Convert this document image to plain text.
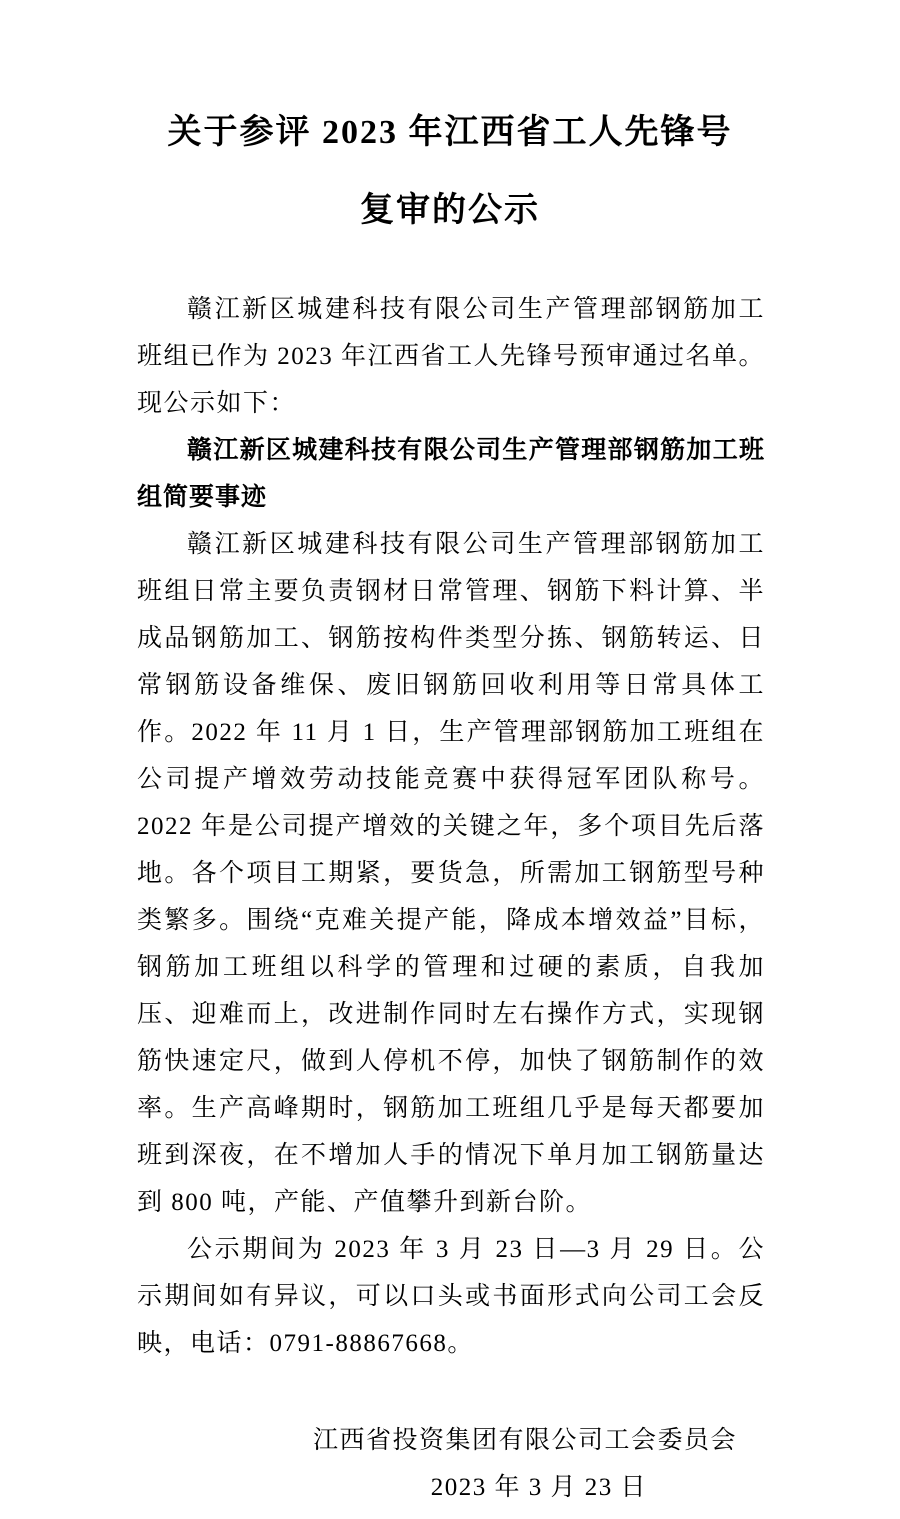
关于参评 2023 年江西省工人先锋号
复审的公示

赣江新区城建科技有限公司生产管理部钢筋加工班组已作为 2023 年江西省工人先锋号预审通过名单。现公示如下：

赣江新区城建科技有限公司生产管理部钢筋加工班组简要事迹

赣江新区城建科技有限公司生产管理部钢筋加工班组日常主要负责钢材日常管理、钢筋下料计算、半成品钢筋加工、钢筋按构件类型分拣、钢筋转运、日常钢筋设备维保、废旧钢筋回收利用等日常具体工作。2022 年 11 月 1 日，生产管理部钢筋加工班组在公司提产增效劳动技能竞赛中获得冠军团队称号。2022 年是公司提产增效的关键之年，多个项目先后落地。各个项目工期紧，要货急，所需加工钢筋型号种类繁多。围绕“克难关提产能，降成本增效益”目标，钢筋加工班组以科学的管理和过硬的素质，自我加压、迎难而上，改进制作同时左右操作方式，实现钢筋快速定尺，做到人停机不停，加快了钢筋制作的效率。生产高峰期时，钢筋加工班组几乎是每天都要加班到深夜，在不增加人手的情况下单月加工钢筋量达到 800 吨，产能、产值攀升到新台阶。

公示期间为 2023 年 3 月 23 日—3 月 29 日。公示期间如有异议，可以口头或书面形式向公司工会反映，电话：0791-88867668。

江西省投资集团有限公司工会委员会
2023 年 3 月 23 日
